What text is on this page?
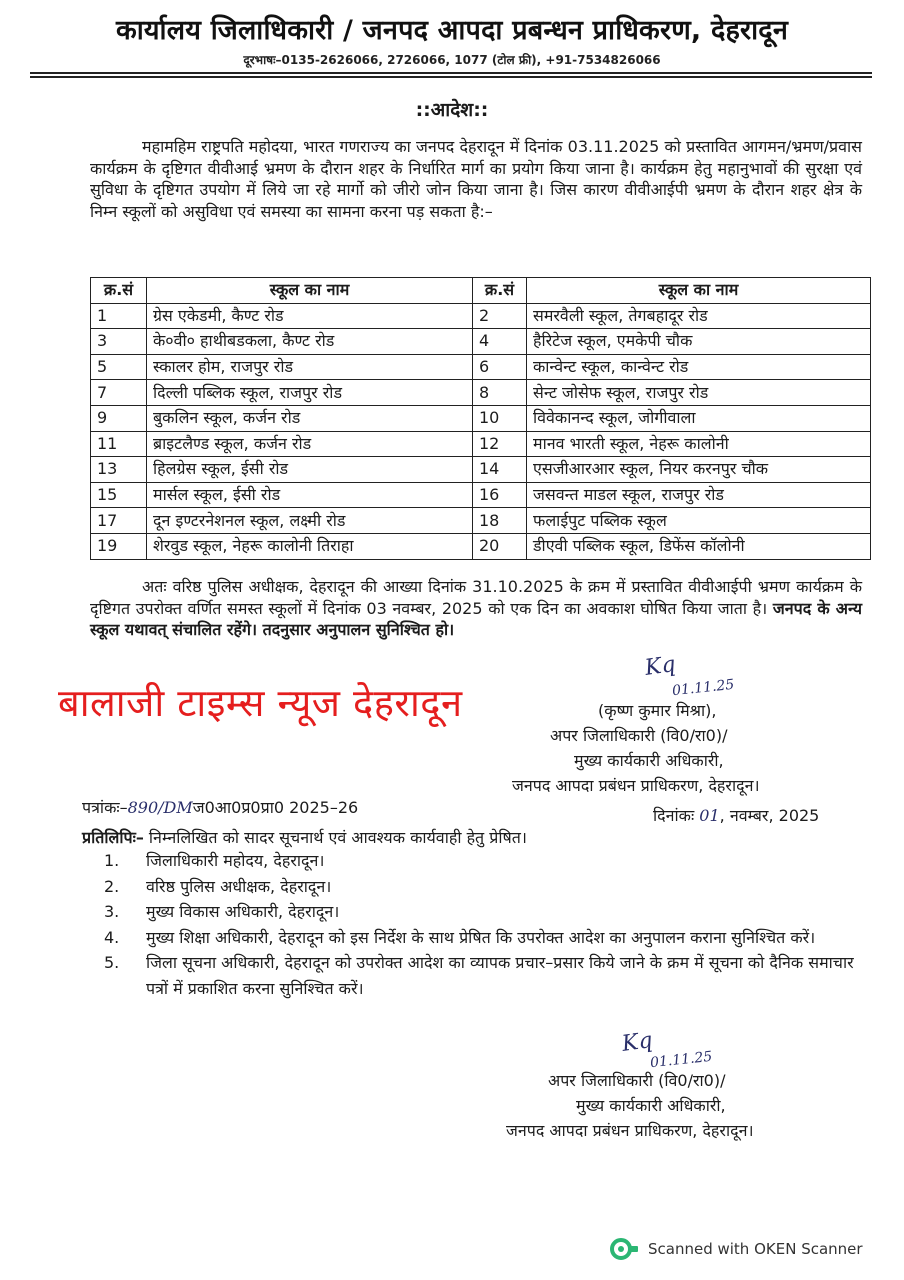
कार्यालय जिलाधिकारी / जनपद आपदा प्रबन्धन प्राधिकरण, देहरादून
दूरभाषः–0135-2626066, 2726066, 1077 (टोल फ्री), +91-7534826066
::आदेश::
महामहिम राष्ट्रपति महोदया, भारत गणराज्य का जनपद देहरादून में दिनांक 03.11.2025 को प्रस्तावित आगमन/भ्रमण/प्रवास कार्यक्रम के दृष्टिगत वीवीआई भ्रमण के दौरान शहर के निर्धारित मार्ग का प्रयोग किया जाना है। कार्यक्रम हेतु महानुभावों की सुरक्षा एवं सुविधा के दृष्टिगत उपयोग में लिये जा रहे मार्गो को जीरो जोन किया जाना है। जिस कारण वीवीआईपी भ्रमण के दौरान शहर क्षेत्र के निम्न स्कूलों को असुविधा एवं समस्या का सामना करना पड़ सकता है:–
क्र.सं	स्कूल का नाम	क्र.सं	स्कूल का नाम
1	ग्रेस एकेडमी, कैण्ट रोड	2	समरवैली स्कूल, तेगबहादूर रोड
3	के०वी० हाथीबडकला, कैण्ट रोड	4	हैरिटेज स्कूल, एमकेपी चौक
5	स्कालर होम, राजपुर रोड	6	कान्वेन्ट स्कूल, कान्वेन्ट रोड
7	दिल्ली पब्लिक स्कूल, राजपुर रोड	8	सेन्ट जोसेफ स्कूल, राजपुर रोड
9	बुकलिन स्कूल, कर्जन रोड	10	विवेकानन्द स्कूल, जोगीवाला
11	ब्राइटलैण्ड स्कूल, कर्जन रोड	12	मानव भारती स्कूल, नेहरू कालोनी
13	हिलग्रेस स्कूल, ईसी रोड	14	एसजीआरआर स्कूल, नियर करनपुर चौक
15	मार्सल स्कूल, ईसी रोड	16	जसवन्त माडल स्कूल, राजपुर रोड
17	दून इण्टरनेशनल स्कूल, लक्ष्मी रोड	18	फलाईपुट पब्लिक स्कूल
19	शेरवुड स्कूल, नेहरू कालोनी तिराहा	20	डीएवी पब्लिक स्कूल, डिफेंस कॉलोनी
अतः वरिष्ठ पुलिस अधीक्षक, देहरादून की आख्या दिनांक 31.10.2025 के क्रम में प्रस्तावित वीवीआईपी भ्रमण कार्यक्रम के दृष्टिगत उपरोक्त वर्णित समस्त स्कूलों में दिनांक 03 नवम्बर, 2025 को एक दिन का अवकाश घोषित किया जाता है। जनपद के अन्य स्कूल यथावत् संचालित रहेंगे। तदनुसार अनुपालन सुनिश्चित हो।
बालाजी टाइम्स न्यूज देहरादून
Kq
01.11.25
(कृष्ण कुमार मिश्रा),
अपर जिलाधिकारी (वि0/रा0)/
मुख्य कार्यकारी अधिकारी,
जनपद आपदा प्रबंधन प्राधिकरण, देहरादून।
पत्रांकः–890/DMज0आ0प्र0प्रा0 2025–26	दिनांकः 01, नवम्बर, 2025
प्रतिलिपिः– निम्नलिखित को सादर सूचनार्थ एवं आवश्यक कार्यवाही हेतु प्रेषित।
1. जिलाधिकारी महोदय, देहरादून।
2. वरिष्ठ पुलिस अधीक्षक, देहरादून।
3. मुख्य विकास अधिकारी, देहरादून।
4. मुख्य शिक्षा अधिकारी, देहरादून को इस निर्देश के साथ प्रेषित कि उपरोक्त आदेश का अनुपालन कराना सुनिश्चित करें।
5. जिला सूचना अधिकारी, देहरादून को उपरोक्त आदेश का व्यापक प्रचार–प्रसार किये जाने के क्रम में सूचना को दैनिक समाचार पत्रों में प्रकाशित करना सुनिश्चित करें।
Kq
01.11.25
अपर जिलाधिकारी (वि0/रा0)/
मुख्य कार्यकारी अधिकारी,
जनपद आपदा प्रबंधन प्राधिकरण, देहरादून।
Scanned with OKEN Scanner
